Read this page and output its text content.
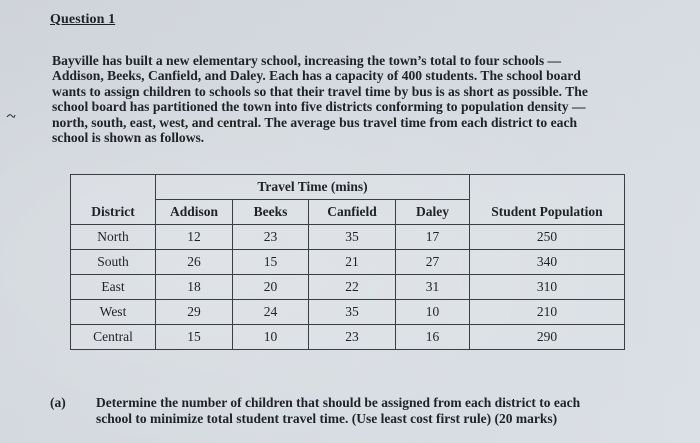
Question 1
Bayville has built a new elementary school, increasing the town’s total to four schools —
Addison, Beeks, Canfield, and Daley. Each has a capacity of 400 students. The school board
wants to assign children to schools so that their travel time by bus is as short as possible. The
school board has partitioned the town into five districts conforming to population density —
north, south, east, west, and central. The average bus travel time from each district to each
school is shown as follows.
	Travel Time (mins)				
District	Addison	Beeks	Canfield	Daley	Student Population
North	12	23	35	17	250
South	26	15	21	27	340
East	18	20	22	31	310
West	29	24	35	10	210
Central	15	10	23	16	290
(a) Determine the number of children that should be assigned from each district to each
school to minimize total student travel time. (Use least cost first rule) (20 marks)
